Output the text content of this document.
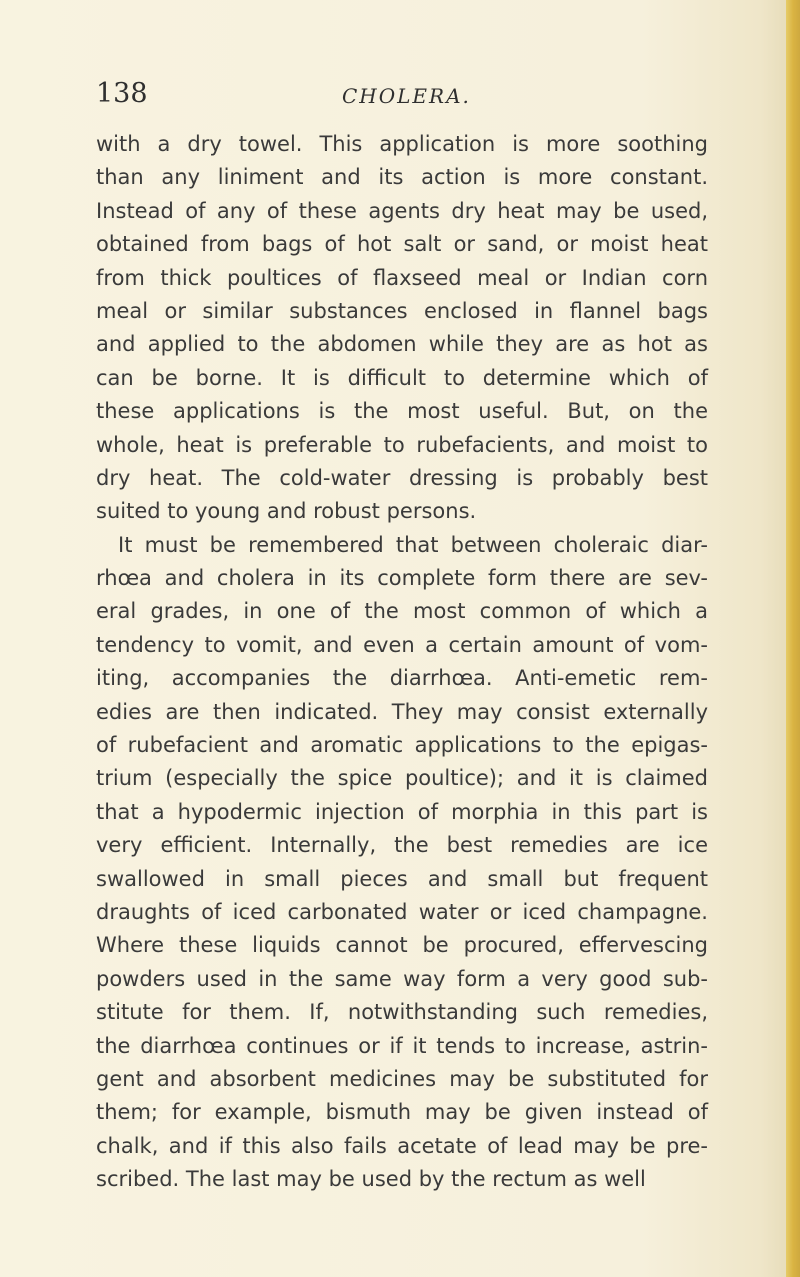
138	CHOLERA.
with a dry towel. This application is more soothing
than any liniment and its action is more constant.
Instead of any of these agents dry heat may be used,
obtained from bags of hot salt or sand, or moist heat
from thick poultices of flaxseed meal or Indian corn
meal or similar substances enclosed in flannel bags
and applied to the abdomen while they are as hot as
can be borne. It is difficult to determine which of
these applications is the most useful. But, on the
whole, heat is preferable to rubefacients, and moist to
dry heat. The cold-water dressing is probably best
suited to young and robust persons.
It must be remembered that between choleraic diar-
rhœa and cholera in its complete form there are sev-
eral grades, in one of the most common of which a
tendency to vomit, and even a certain amount of vom-
iting, accompanies the diarrhœa. Anti-emetic rem-
edies are then indicated. They may consist externally
of rubefacient and aromatic applications to the epigas-
trium (especially the spice poultice); and it is claimed
that a hypodermic injection of morphia in this part is
very efficient. Internally, the best remedies are ice
swallowed in small pieces and small but frequent
draughts of iced carbonated water or iced champagne.
Where these liquids cannot be procured, effervescing
powders used in the same way form a very good sub-
stitute for them. If, notwithstanding such remedies,
the diarrhœa continues or if it tends to increase, astrin-
gent and absorbent medicines may be substituted for
them; for example, bismuth may be given instead of
chalk, and if this also fails acetate of lead may be pre-
scribed. The last may be used by the rectum as well
